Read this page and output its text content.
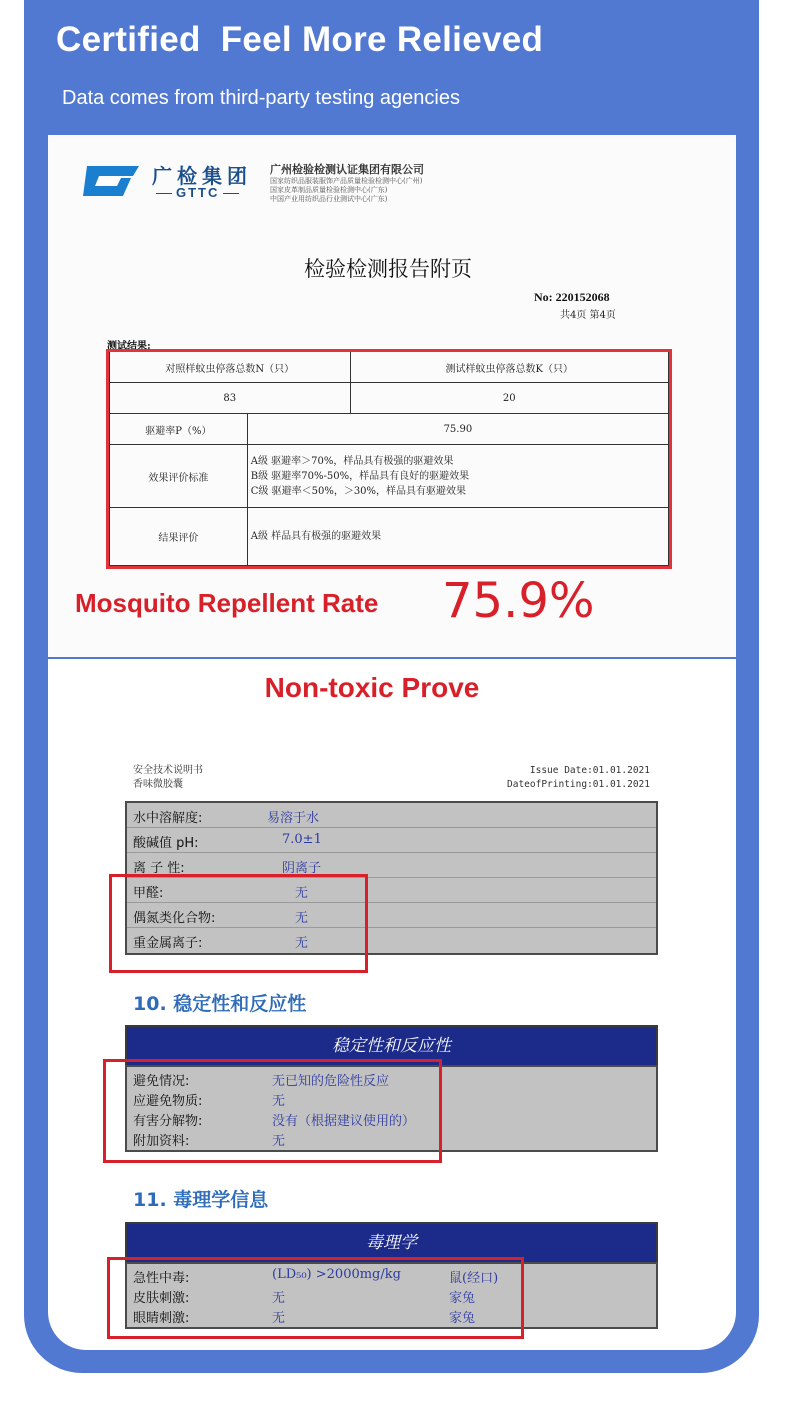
Certified  Feel More Relieved
Data comes from third-party testing agencies
广检集团
GTTC
广州检验检测认证集团有限公司
国家纺织品服装服饰产品质量检验检测中心(广州)
国家皮革制品质量检验检测中心(广东)
中国产业用纺织品行业测试中心(广东)
检验检测报告附页
No: 220152068
共4页 第4页
测试结果:
对照样蚊虫停落总数N（只）		测试样蚊虫停落总数K（只）
83		20
驱避率P（%）	75.90	
效果评价标准	A级 驱避率＞70%，样品具有极强的驱避效果
B级 驱避率70%-50%，样品具有良好的驱避效果
C级 驱避率＜50%，＞30%，样品具有驱避效果	

结果评价	A级 样品具有极强的驱避效果	
Mosquito Repellent Rate 75.9%
Non-toxic Prove
安全技术说明书
香味微胶囊
Issue Date:01.01.2021
DateofPrinting:01.01.2021
水中溶解度:	易溶于水
酸碱值 pH:	7.0±1
离 子 性:	阴离子
甲醛:	无
偶氮类化合物:	无
重金属离子:	无
10. 稳定性和反应性
稳定性和反应性
避免情况:	无已知的危险性反应
应避免物质:	无
有害分解物:	没有（根据建议使用的）
附加资料:	无
11. 毒理学信息
毒理学
急性中毒:	(LD₅₀) >2000mg/kg	鼠(经口)
皮肤刺激:	无	家兔
眼睛刺激:	无	家兔
